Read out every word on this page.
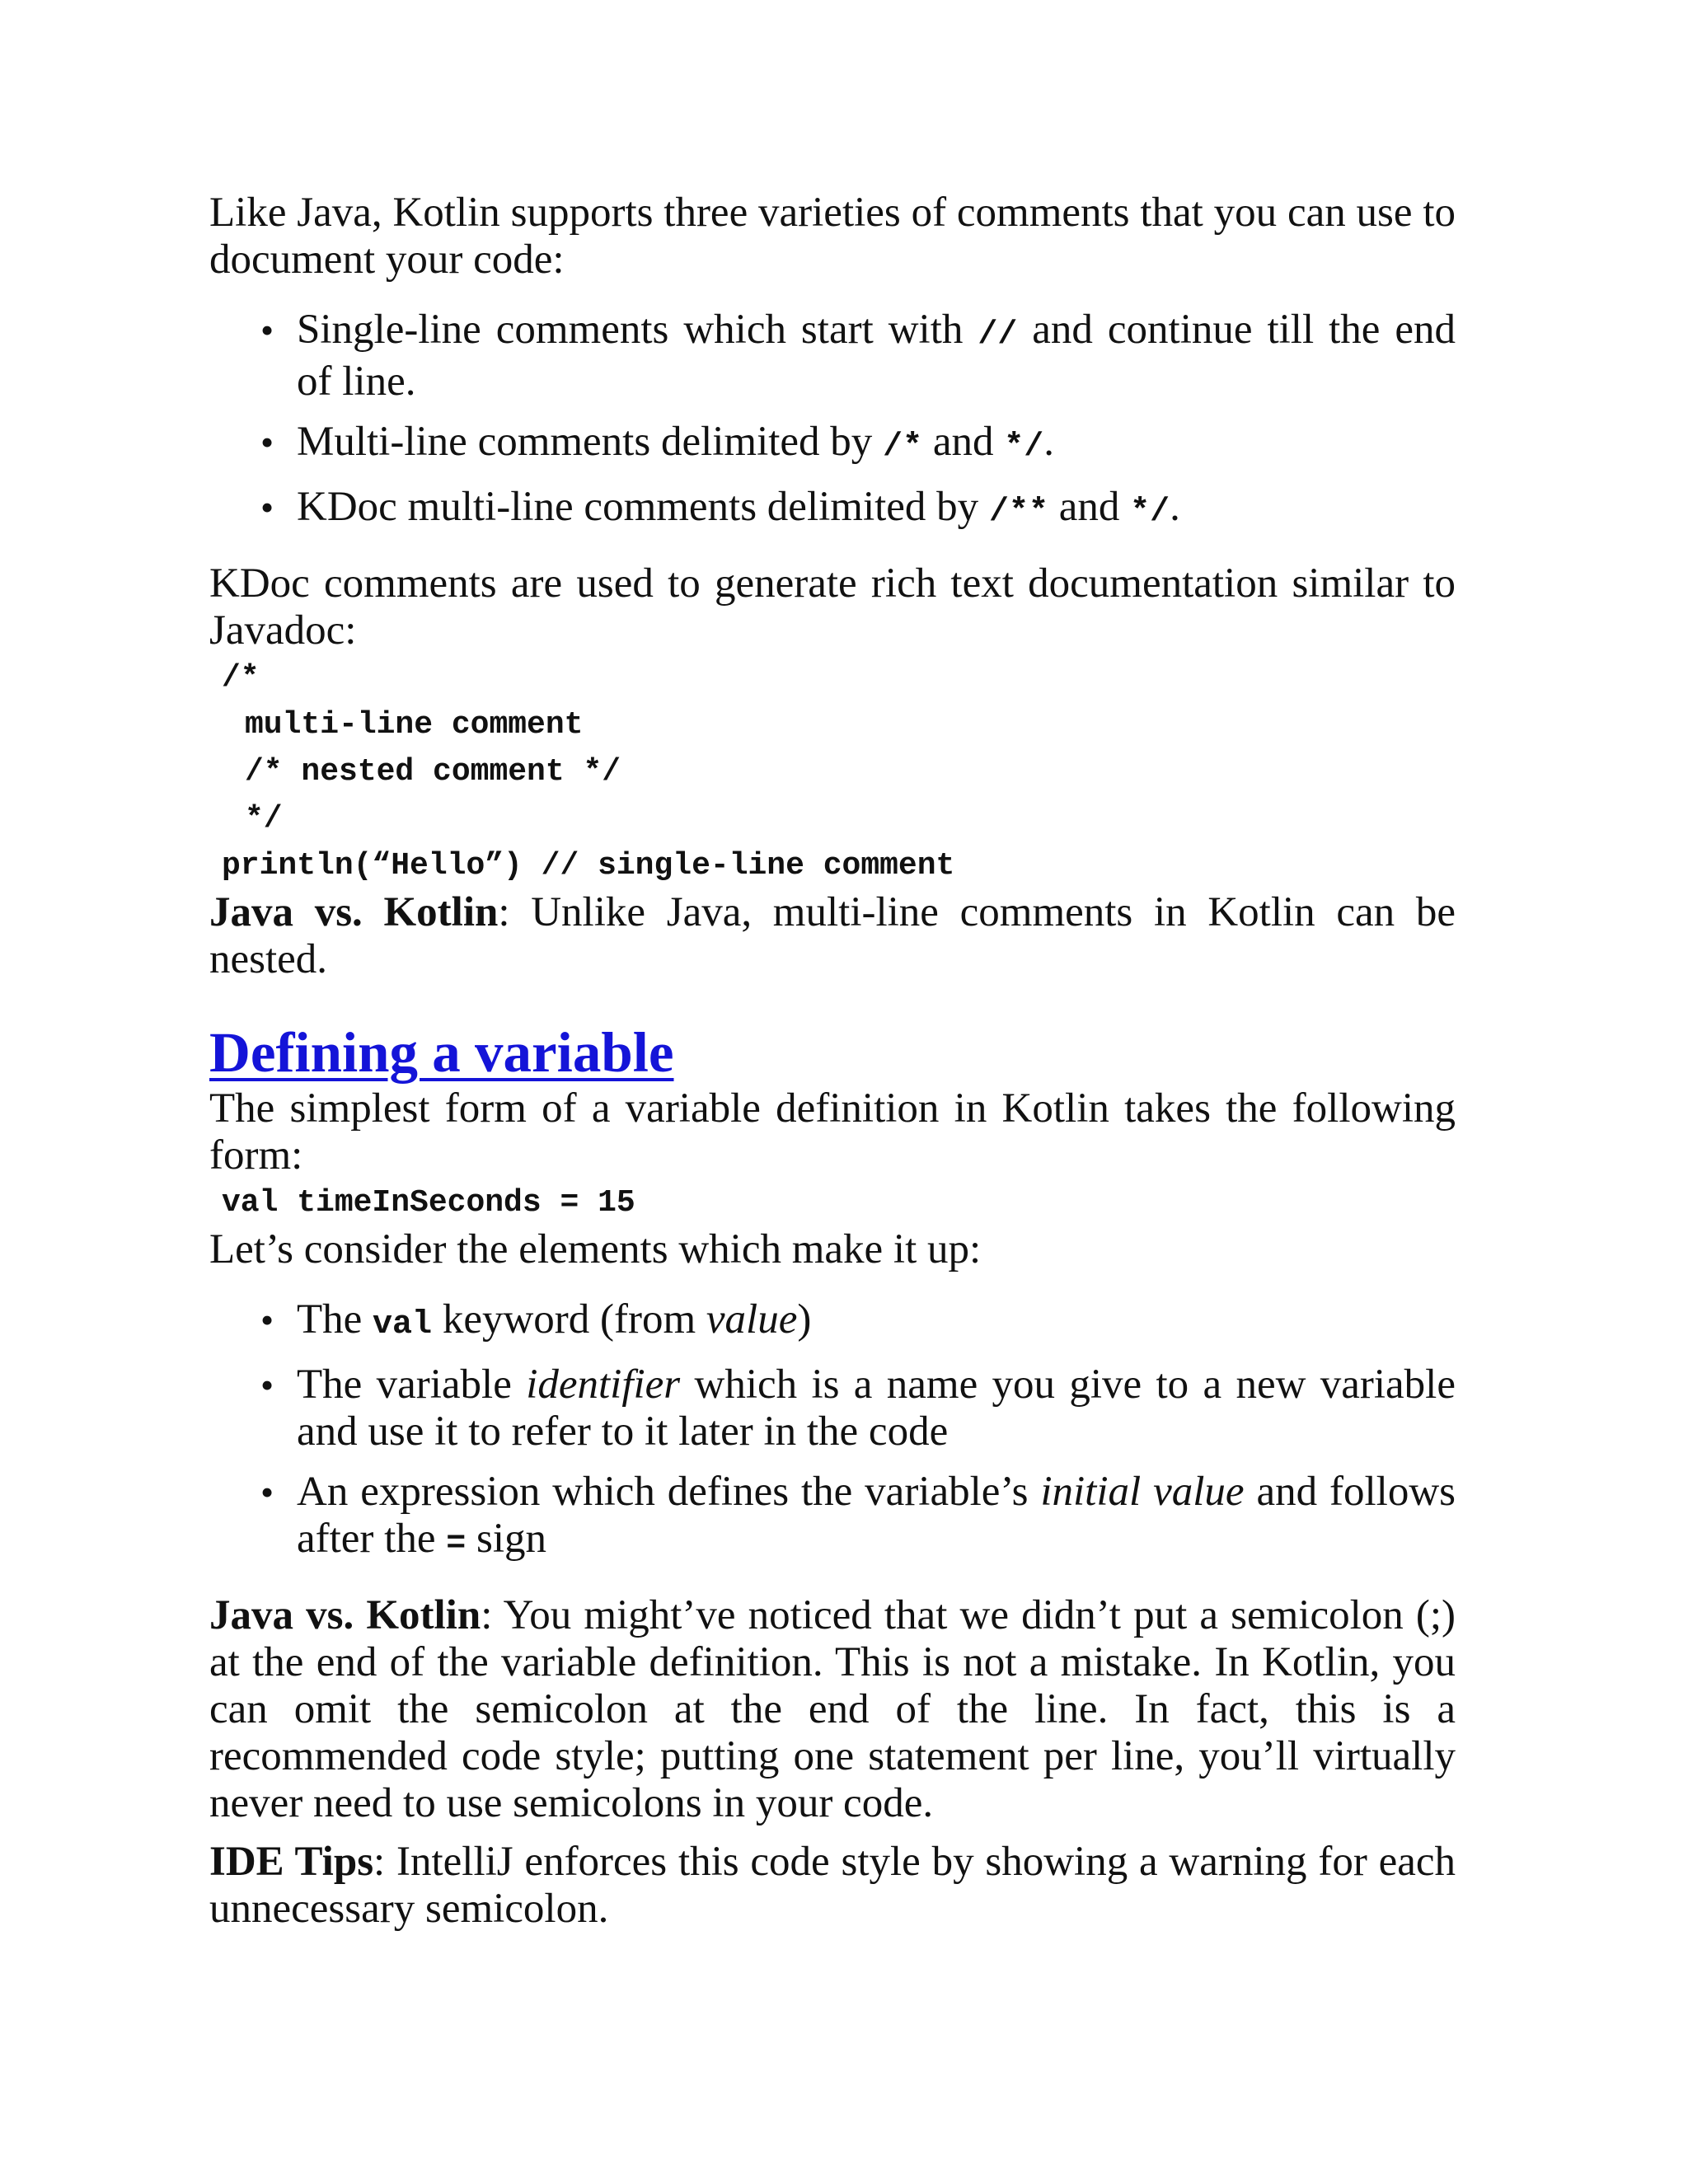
Like Java, Kotlin supports three varieties of comments that you can use to document your code:

• Single-line comments which start with // and continue till the end of line.
• Multi-line comments delimited by /* and */.
• KDoc multi-line comments delimited by /** and */.

KDoc comments are used to generate rich text documentation similar to Javadoc:

/*
multi-line comment
/* nested comment */
*/
println(“Hello”) // single-line comment

Java vs. Kotlin: Unlike Java, multi-line comments in Kotlin can be nested.

Defining a variable

The simplest form of a variable definition in Kotlin takes the following form:

val timeInSeconds = 15

Let’s consider the elements which make it up:

• The val keyword (from value)
• The variable identifier which is a name you give to a new variable and use it to refer to it later in the code
• An expression which defines the variable’s initial value and follows after the = sign

Java vs. Kotlin: You might’ve noticed that we didn’t put a semicolon (;) at the end of the variable definition. This is not a mistake. In Kotlin, you can omit the semicolon at the end of the line. In fact, this is a recommended code style; putting one statement per line, you’ll virtually never need to use semicolons in your code.

IDE Tips: IntelliJ enforces this code style by showing a warning for each unnecessary semicolon.
